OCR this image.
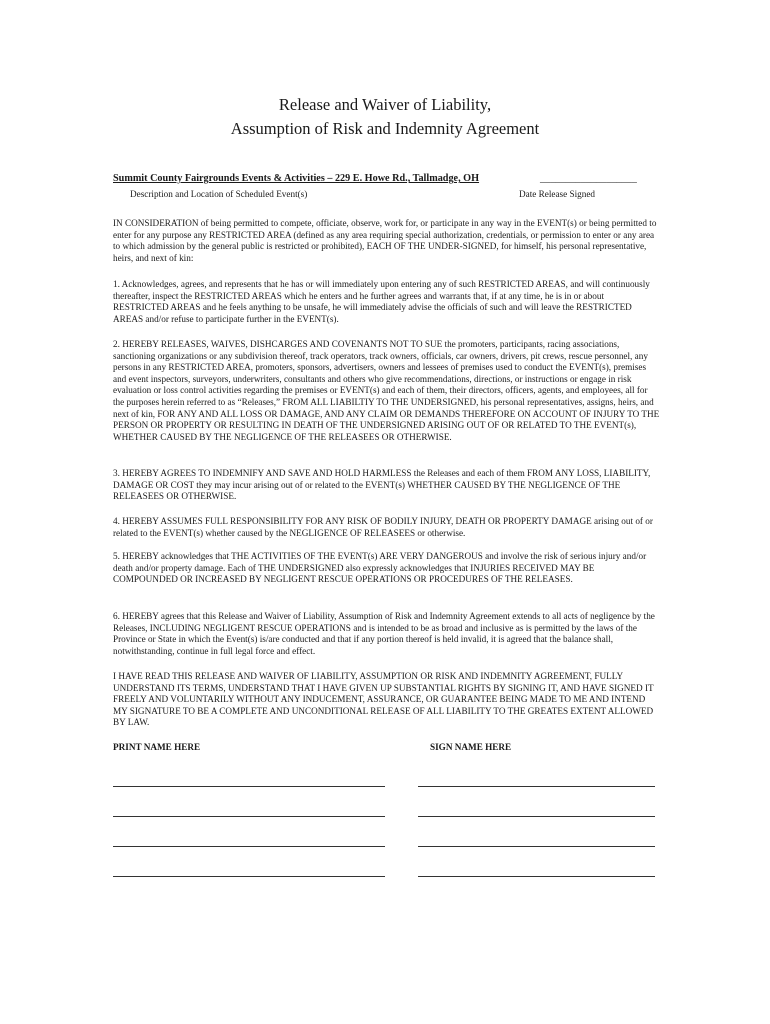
Release and Waiver of Liability,
Assumption of Risk and Indemnity Agreement
Summit County Fairgrounds Events & Activities – 229 E. Howe Rd., Tallmadge, OH	___________________
Description and Location of Scheduled Event(s)	Date Release Signed

IN CONSIDERATION of being permitted to compete, officiate, observe, work for, or participate in any way in the EVENT(s) or being permitted to enter for any purpose any RESTRICTED AREA (defined as any area requiring special authorization, credentials, or permission to enter or any area to which admission by the general public is restricted or prohibited), EACH OF THE UNDER-SIGNED, for himself, his personal representative, heirs, and next of kin:

1. Acknowledges, agrees, and represents that he has or will immediately upon entering any of such RESTRICTED AREAS, and will continuously thereafter, inspect the RESTRICTED AREAS which he enters and he further agrees and warrants that, if at any time, he is in or about RESTRICTED AREAS and he feels anything to be unsafe, he will immediately advise the officials of such and will leave the RESTRICTED AREAS and/or refuse to participate further in the EVENT(s).

2. HEREBY RELEASES, WAIVES, DISHCARGES AND COVENANTS NOT TO SUE the promoters, participants, racing associations, sanctioning organizations or any subdivision thereof, track operators, track owners, officials, car owners, drivers, pit crews, rescue personnel, any persons in any RESTRICTED AREA, promoters, sponsors, advertisers, owners and lessees of premises used to conduct the EVENT(s), premises and event inspectors, surveyors, underwriters, consultants and others who give recommendations, directions, or instructions or engage in risk evaluation or loss control activities regarding the premises or EVENT(s) and each of them, their directors, officers, agents, and employees, all for the purposes herein referred to as “Releases,” FROM ALL LIABILTIY TO THE UNDERSIGNED, his personal representatives, assigns, heirs, and next of kin, FOR ANY AND ALL LOSS OR DAMAGE, AND ANY CLAIM OR DEMANDS THEREFORE ON ACCOUNT OF INJURY TO THE PERSON OR PROPERTY OR RESULTING IN DEATH OF THE UNDERSIGNED ARISING OUT OF OR RELATED TO THE EVENT(s), WHETHER CAUSED BY THE NEGLIGENCE OF THE RELEASEES OR OTHERWISE.

3. HEREBY AGREES TO INDEMNIFY AND SAVE AND HOLD HARMLESS the Releases and each of them FROM ANY LOSS, LIABILITY, DAMAGE OR COST they may incur arising out of or related to the EVENT(s) WHETHER CAUSED BY THE NEGLIGENCE OF THE RELEASEES OR OTHERWISE.

4. HEREBY ASSUMES FULL RESPONSIBILITY FOR ANY RISK OF BODILY INJURY, DEATH OR PROPERTY DAMAGE arising out of or related to the EVENT(s) whether caused by the NEGLIGENCE OF RELEASEES or otherwise.

5. HEREBY acknowledges that THE ACTIVITIES OF THE EVENT(s) ARE VERY DANGEROUS and involve the risk of serious injury and/or death and/or property damage. Each of THE UNDERSIGNED also expressly acknowledges that INJURIES RECEIVED MAY BE COMPOUNDED OR INCREASED BY NEGLIGENT RESCUE OPERATIONS OR PROCEDURES OF THE RELEASES.

6. HEREBY agrees that this Release and Waiver of Liability, Assumption of Risk and Indemnity Agreement extends to all acts of negligence by the Releases, INCLUDING NEGLIGENT RESCUE OPERATIONS and is intended to be as broad and inclusive as is permitted by the laws of the Province or State in which the Event(s) is/are conducted and that if any portion thereof is held invalid, it is agreed that the balance shall, notwithstanding, continue in full legal force and effect.

I HAVE READ THIS RELEASE AND WAIVER OF LIABILITY, ASSUMPTION OR RISK AND INDEMNITY AGREEMENT, FULLY UNDERSTAND ITS TERMS, UNDERSTAND THAT I HAVE GIVEN UP SUBSTANTIAL RIGHTS BY SIGNING IT, AND HAVE SIGNED IT FREELY AND VOLUNTARILY WITHOUT ANY INDUCEMENT, ASSURANCE, OR GUARANTEE BEING MADE TO ME AND INTEND MY SIGNATURE TO BE A COMPLETE AND UNCONDITIONAL RELEASE OF ALL LIABILITY TO THE GREATES EXTENT ALLOWED BY LAW.

PRINT NAME HERE	SIGN NAME HERE
